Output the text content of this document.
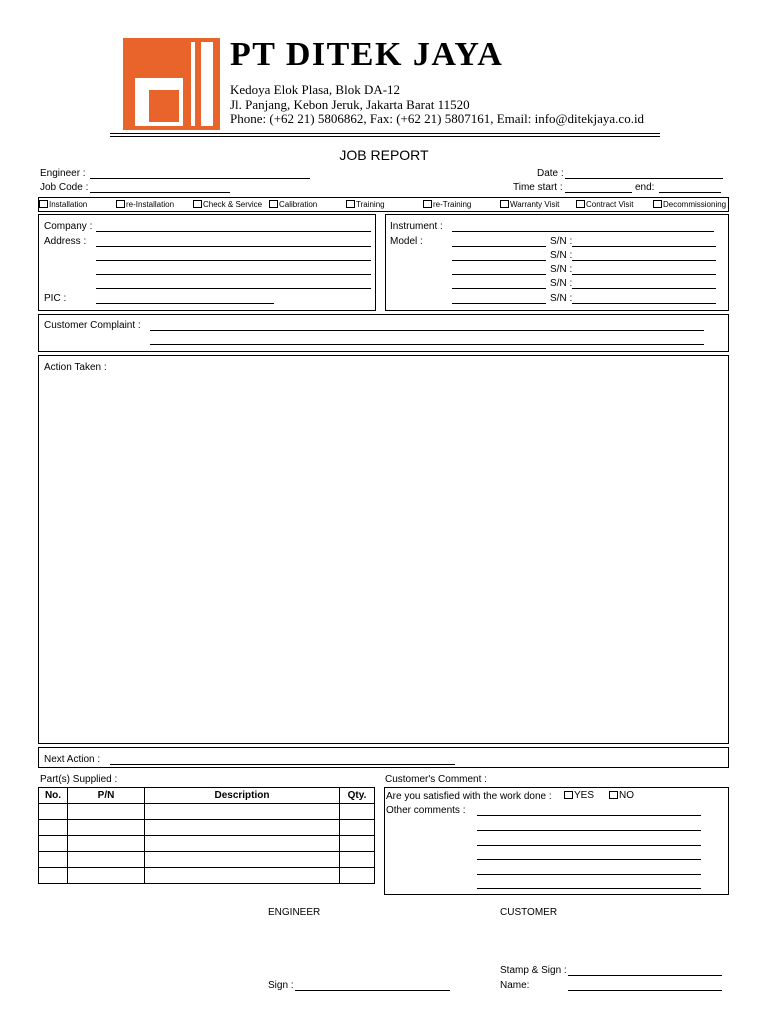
PT DITEK JAYA
Kedoya Elok Plasa, Blok DA-12
Jl. Panjang, Kebon Jeruk, Jakarta Barat 11520
Phone: (+62 21) 5806862, Fax: (+62 21) 5807161, Email: info@ditekjaya.co.id
JOB REPORT
Engineer :
Job Code :
Date :
Time start :	end:
Installation	re-Installation	Check & Service	Calibration	Training	re-Training	Warranty Visit	Contract Visit	Decommissioning
Company :
Address :
PIC :
Instrument :
Model :	S/N :
S/N :
S/N :
S/N :
S/N :
Customer Complaint :
Action Taken :
Next Action :
Part(s) Supplied :
No.	P/N	Description	Qty.

Customer's Comment :
Are you satisfied with the work done :	YES	NO
Other comments :
ENGINEER	CUSTOMER
Stamp & Sign :
Sign :	Name:
